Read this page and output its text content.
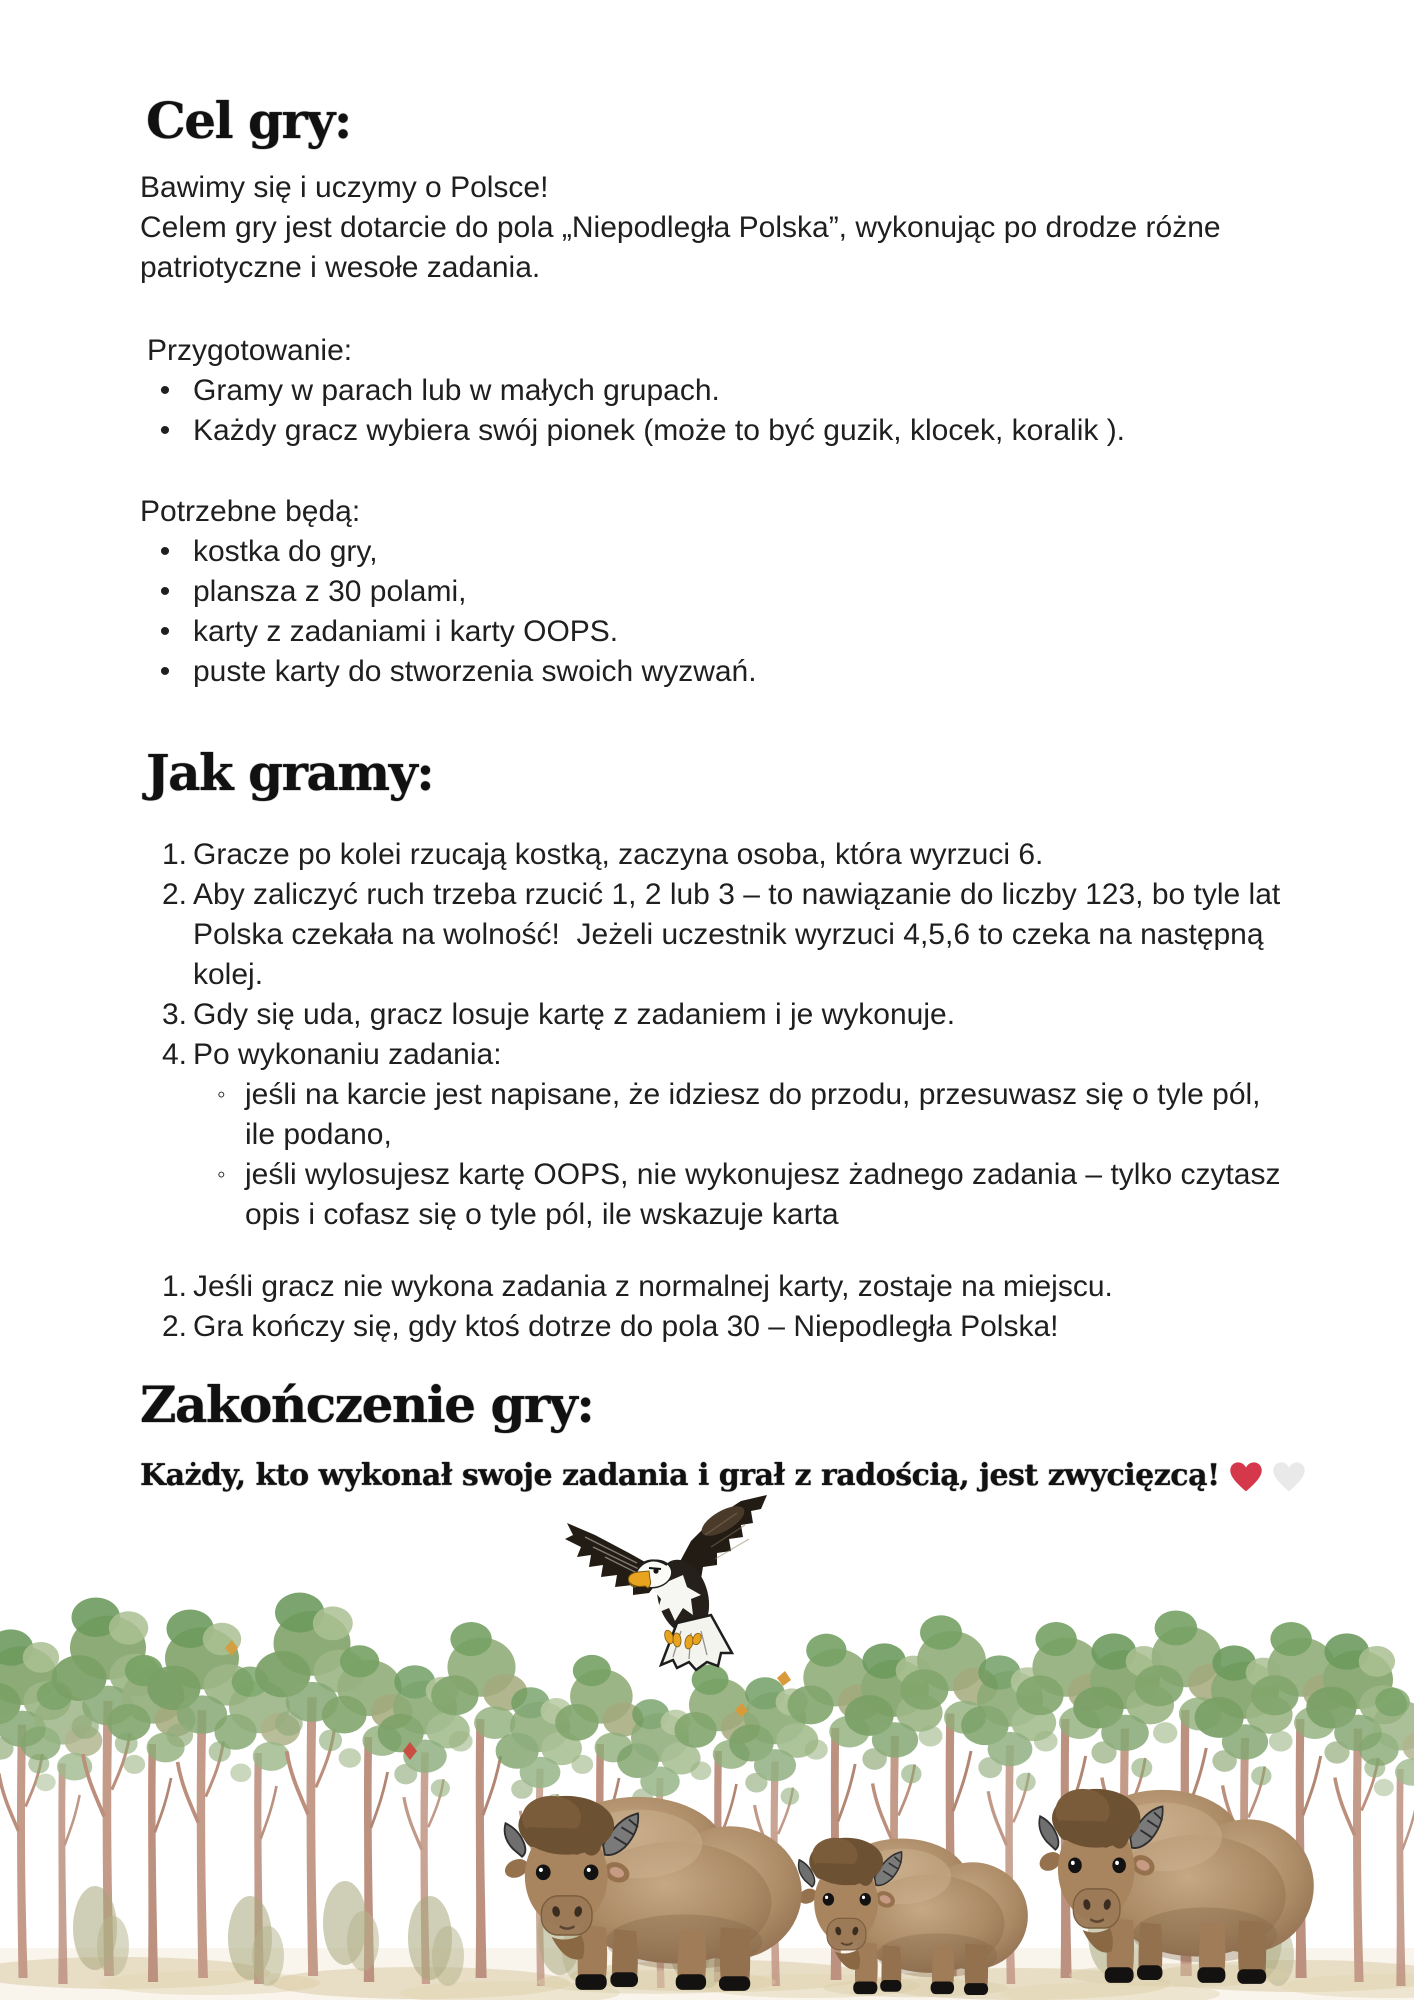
Cel gry:
Bawimy się i uczymy o Polsce!
Celem gry jest dotarcie do pola „Niepodległa Polska”, wykonując po drodze różne
patriotyczne i wesołe zadania.
Przygotowanie:
• Gramy w parach lub w małych grupach.
• Każdy gracz wybiera swój pionek (może to być guzik, klocek, koralik ).
Potrzebne będą:
• kostka do gry,
• plansza z 30 polami,
• karty z zadaniami i karty OOPS.
• puste karty do stworzenia swoich wyzwań.
Jak gramy:
1. Gracze po kolei rzucają kostką, zaczyna osoba, która wyrzuci 6.
2. Aby zaliczyć ruch trzeba rzucić 1, 2 lub 3 – to nawiązanie do liczby 123, bo tyle lat
Polska czekała na wolność!  Jeżeli uczestnik wyrzuci 4,5,6 to czeka na następną
kolej.
3. Gdy się uda, gracz losuje kartę z zadaniem i je wykonuje.
4. Po wykonaniu zadania:
◦ jeśli na karcie jest napisane, że idziesz do przodu, przesuwasz się o tyle pól,
ile podano,
◦ jeśli wylosujesz kartę OOPS, nie wykonujesz żadnego zadania – tylko czytasz
opis i cofasz się o tyle pól, ile wskazuje karta
1. Jeśli gracz nie wykona zadania z normalnej karty, zostaje na miejscu.
2. Gra kończy się, gdy ktoś dotrze do pola 30 – Niepodległa Polska!
Zakończenie gry:
Każdy, kto wykonał swoje zadania i grał z radością, jest zwycięzcą!
